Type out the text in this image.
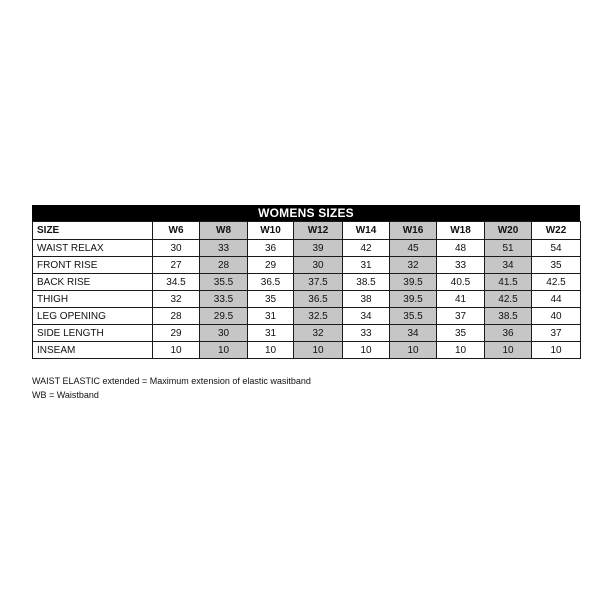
WOMENS SIZES
SIZE	W6	W8	W10	W12	W14	W16	W18	W20	W22
WAIST RELAX	30	33	36	39	42	45	48	51	54
FRONT RISE	27	28	29	30	31	32	33	34	35
BACK RISE	34.5	35.5	36.5	37.5	38.5	39.5	40.5	41.5	42.5
THIGH	32	33.5	35	36.5	38	39.5	41	42.5	44
LEG OPENING	28	29.5	31	32.5	34	35.5	37	38.5	40
SIDE LENGTH	29	30	31	32	33	34	35	36	37
INSEAM	10	10	10	10	10	10	10	10	10
WAIST ELASTIC extended = Maximum extension of elastic wasitband
WB = Waistband
